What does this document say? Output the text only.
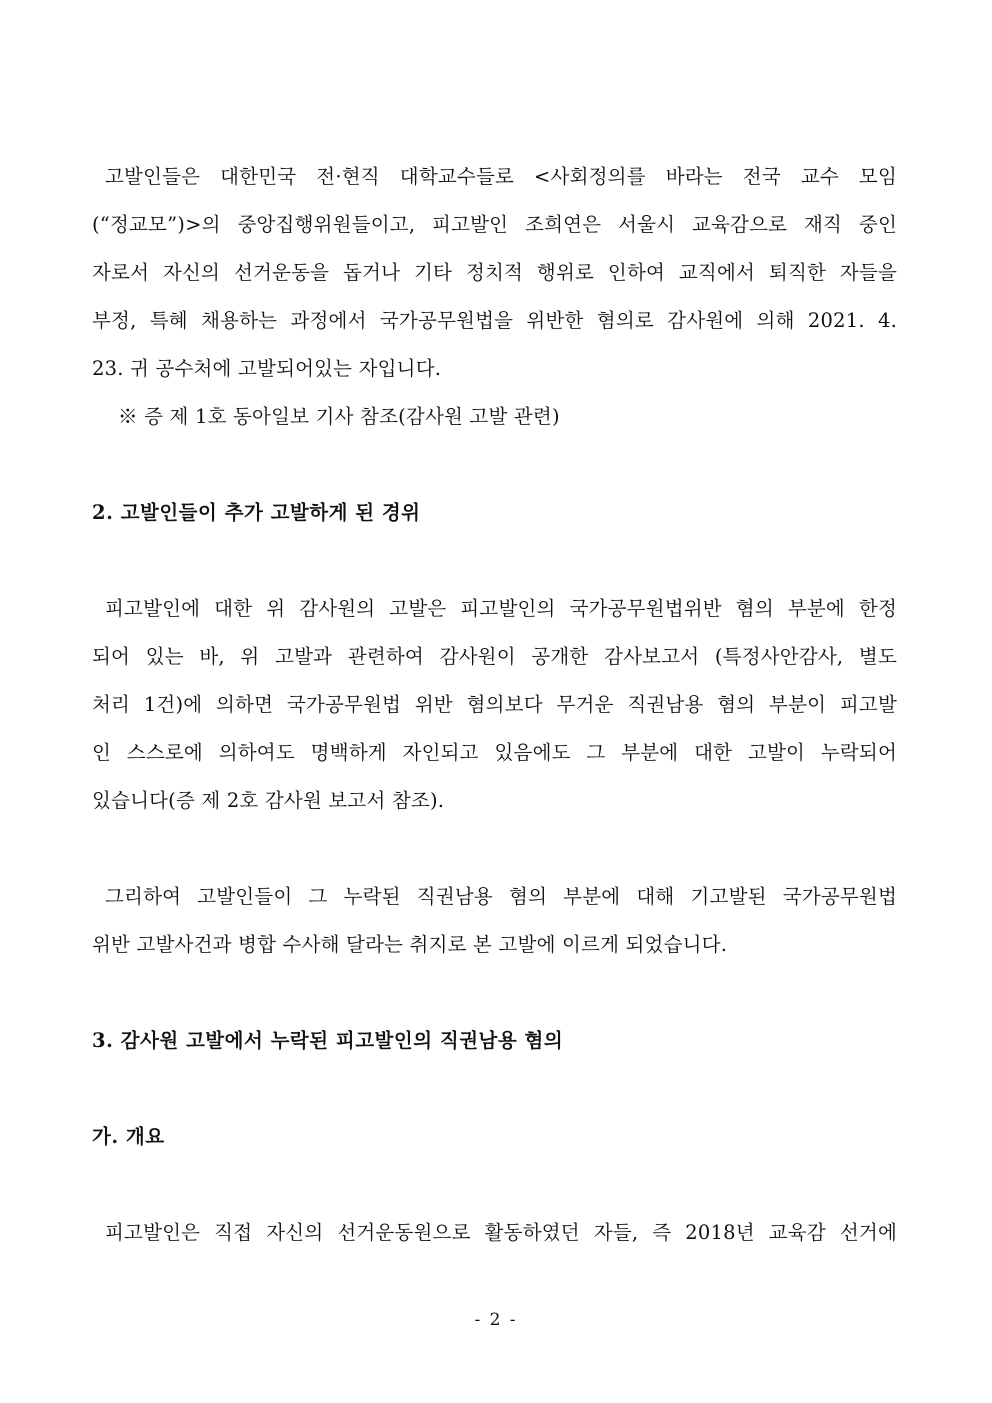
고발인들은 대한민국 전·현직 대학교수들로 <사회정의를 바라는 전국 교수 모임
(“정교모”)>의 중앙집행위원들이고, 피고발인 조희연은 서울시 교육감으로 재직 중인
자로서 자신의 선거운동을 돕거나 기타 정치적 행위로 인하여 교직에서 퇴직한 자들을
부정, 특혜 채용하는 과정에서 국가공무원법을 위반한 혐의로 감사원에 의해 2021. 4.
23. 귀 공수처에 고발되어있는 자입니다.
※ 증 제 1호 동아일보 기사 참조(감사원 고발 관련)
2. 고발인들이 추가 고발하게 된 경위
피고발인에 대한 위 감사원의 고발은 피고발인의 국가공무원법위반 혐의 부분에 한정
되어 있는 바, 위 고발과 관련하여 감사원이 공개한 감사보고서 (특정사안감사, 별도
처리 1건)에 의하면 국가공무원법 위반 혐의보다 무거운 직권남용 혐의 부분이 피고발
인 스스로에 의하여도 명백하게 자인되고 있음에도 그 부분에 대한 고발이 누락되어
있습니다(증 제 2호 감사원 보고서 참조).
그리하여 고발인들이 그 누락된 직권남용 혐의 부분에 대해 기고발된 국가공무원법
위반 고발사건과 병합 수사해 달라는 취지로 본 고발에 이르게 되었습니다.
3. 감사원 고발에서 누락된 피고발인의 직권남용 혐의
가. 개요
피고발인은 직접 자신의 선거운동원으로 활동하였던 자들, 즉 2018년 교육감 선거에
- 2 -
